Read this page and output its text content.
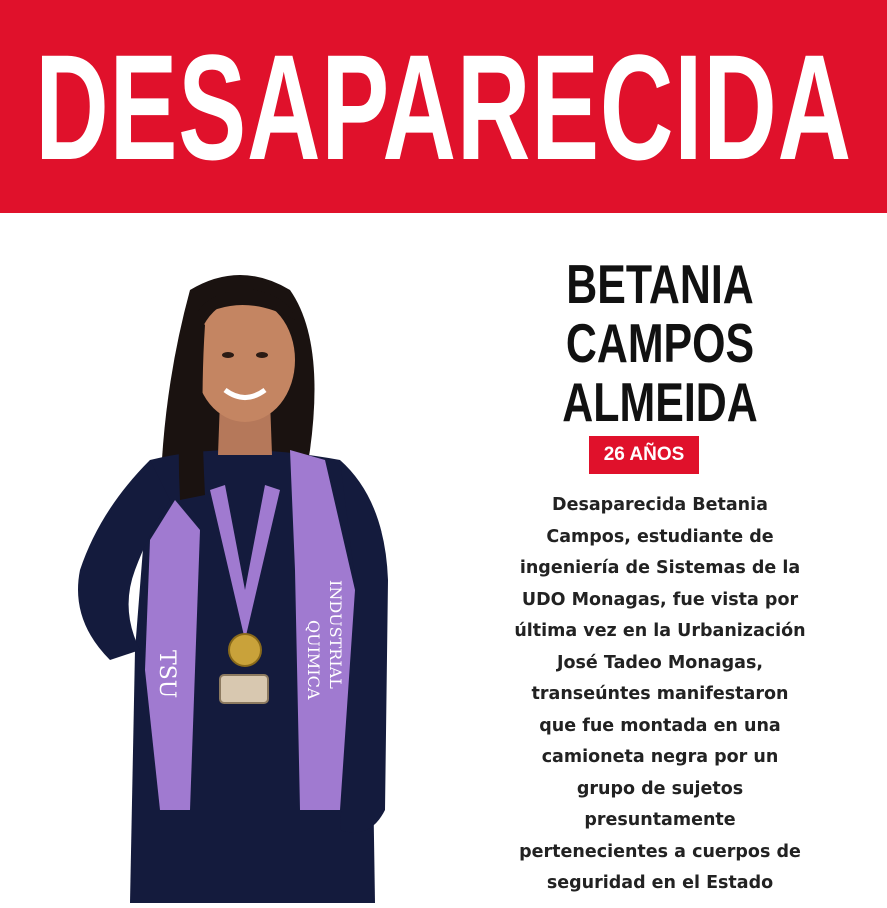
DESAPARECIDA
TSU	INDUSTRIAL
QUIMICA
BETANIA
CAMPOS
ALMEIDA
26 AÑOS
Desaparecida Betania
Campos, estudiante de
ingeniería de Sistemas de la
UDO Monagas, fue vista por
última vez en la Urbanización
José Tadeo Monagas,
transeúntes manifestaron
que fue montada en una
camioneta negra por un
grupo de sujetos
presuntamente
pertenecientes a cuerpos de
seguridad en el Estado
